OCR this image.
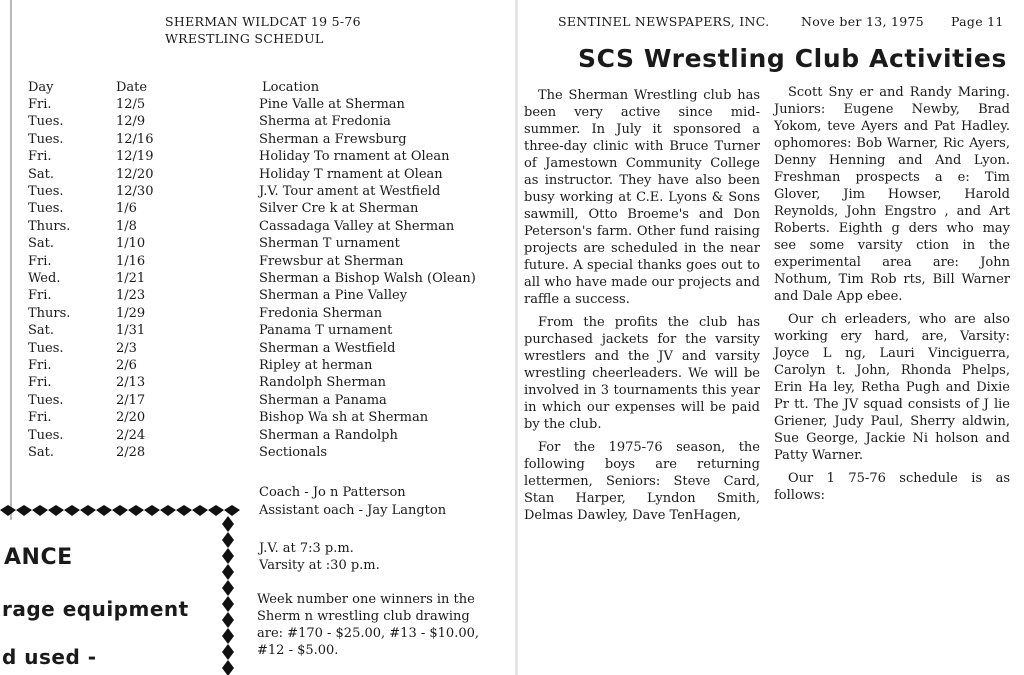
SHERMAN WILDCAT 19 5-76
WRESTLING SCHEDUL
Day	Date	Location
Fri.	12/5	Pine Valle at Sherman
Tues.	12/9	Sherma at Fredonia
Tues.	12/16	Sherman a Frewsburg
Fri.	12/19	Holiday To rnament at Olean
Sat.	12/20	Holiday T rnament at Olean
Tues.	12/30	J.V. Tour ament at Westfield
Tues.	1/6	Silver Cre k at Sherman
Thurs.	1/8	Cassadaga Valley at Sherman
Sat.	1/10	Sherman T urnament
Fri.	1/16	Frewsbur at Sherman
Wed.	1/21	Sherman a Bishop Walsh (Olean)
Fri.	1/23	Sherman a Pine Valley
Thurs.	1/29	Fredonia Sherman
Sat.	1/31	Panama T urnament
Tues.	2/3	Sherman a Westfield
Fri.	2/6	Ripley at herman
Fri.	2/13	Randolph Sherman
Tues.	2/17	Sherman a Panama
Fri.	2/20	Bishop Wa sh at Sherman
Tues.	2/24	Sherman a Randolph
Sat.	2/28	Sectionals
Coach - Jo n Patterson
Assistant oach - Jay Langton
J.V. at 7:3 p.m.
Varsity at :30 p.m.
Week number one winners in the Sherm n wrestling club drawing are: #170 - $25.00, #13 - $10.00, #12 - $5.00.
ANCE
rage equipment
d used -
SENTINEL NEWSPAPERS, INC.	Nove ber 13, 1975 Page 11
SCS Wrestling Club Activities

The Sherman Wrestling club has been very active since mid-summer. In July it sponsored a three-day clinic with Bruce Turner of Jamestown Community College as instructor. They have also been busy working at C.E. Lyons & Sons sawmill, Otto Broeme's and Don Peterson's farm. Other fund raising projects are scheduled in the near future. A special thanks goes out to all who have made our projects and raffle a success.

From the profits the club has purchased jackets for the varsity wrestlers and the JV and varsity wrestling cheerleaders. We will be involved in 3 tournaments this year in which our expenses will be paid by the club.

For the 1975-76 season, the following boys are returning lettermen, Seniors: Steve Card, Stan Harper, Lyndon Smith, Delmas Dawley, Dave TenHagen,

Scott Sny er and Randy Maring. Juniors: Eugene Newby, Brad Yokom, teve Ayers and Pat Hadley. ophomores: Bob Warner, Ric Ayers, Denny Henning and And Lyon. Freshman prospects a e: Tim Glover, Jim Howser, Harold Reynolds, John Engstro , and Art Roberts. Eighth g ders who may see some varsity ction in the experimental area are: John Nothum, Tim Rob rts, Bill Warner and Dale App ebee.

Our ch erleaders, who are also working ery hard, are, Varsity: Joyce L ng, Lauri Vinciguerra, Carolyn t. John, Rhonda Phelps, Erin Ha ley, Retha Pugh and Dixie Pr tt. The JV squad consists of J lie Griener, Judy Paul, Sherry aldwin, Sue George, Jackie Ni holson and Patty Warner.

Our 1 75-76 schedule is as follows:
